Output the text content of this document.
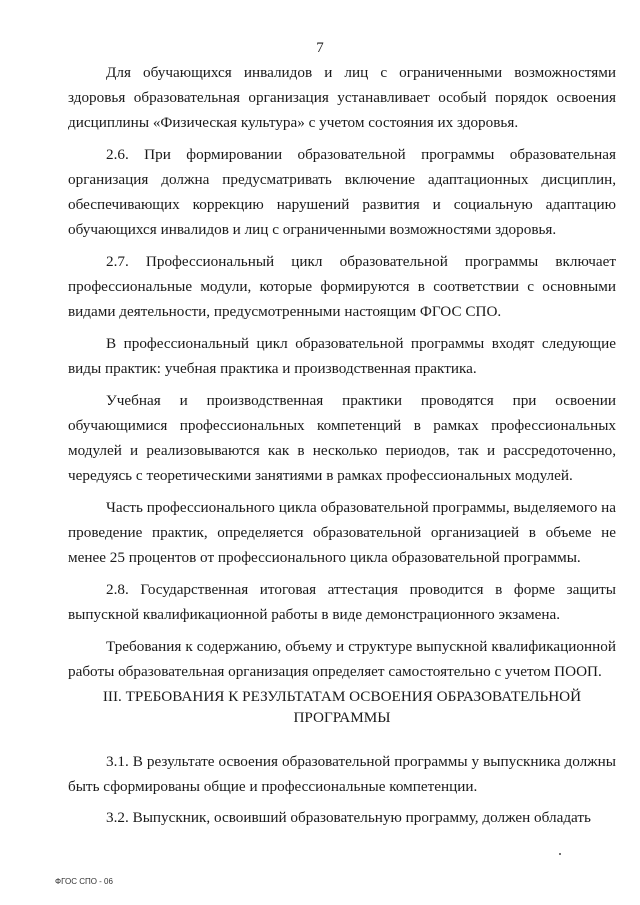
7

Для обучающихся инвалидов и лиц с ограниченными возможностями здоровья образовательная организация устанавливает особый порядок освоения дисциплины «Физическая культура» с учетом состояния их здоровья.

2.6. При формировании образовательной программы образовательная организация должна предусматривать включение адаптационных дисциплин, обеспечивающих коррекцию нарушений развития и социальную адаптацию обучающихся инвалидов и лиц с ограниченными возможностями здоровья.

2.7. Профессиональный цикл образовательной программы включает профессиональные модули, которые формируются в соответствии с основными видами деятельности, предусмотренными настоящим ФГОС СПО.

В профессиональный цикл образовательной программы входят следующие виды практик: учебная практика и производственная практика.

Учебная и производственная практики проводятся при освоении обучающимися профессиональных компетенций в рамках профессиональных модулей и реализовываются как в несколько периодов, так и рассредоточенно, чередуясь с теоретическими занятиями в рамках профессиональных модулей.

Часть профессионального цикла образовательной программы, выделяемого на проведение практик, определяется образовательной организацией в объеме не менее 25 процентов от профессионального цикла образовательной программы.

2.8. Государственная итоговая аттестация проводится в форме защиты выпускной квалификационной работы в виде демонстрационного экзамена.

Требования к содержанию, объему и структуре выпускной квалификационной работы образовательная организация определяет самостоятельно с учетом ПООП.

III. ТРЕБОВАНИЯ К РЕЗУЛЬТАТАМ ОСВОЕНИЯ ОБРАЗОВАТЕЛЬНОЙ ПРОГРАММЫ

3.1. В результате освоения образовательной программы у выпускника должны быть сформированы общие и профессиональные компетенции.

3.2. Выпускник, освоивший образовательную программу, должен обладать

ФГОС СПО - 06
